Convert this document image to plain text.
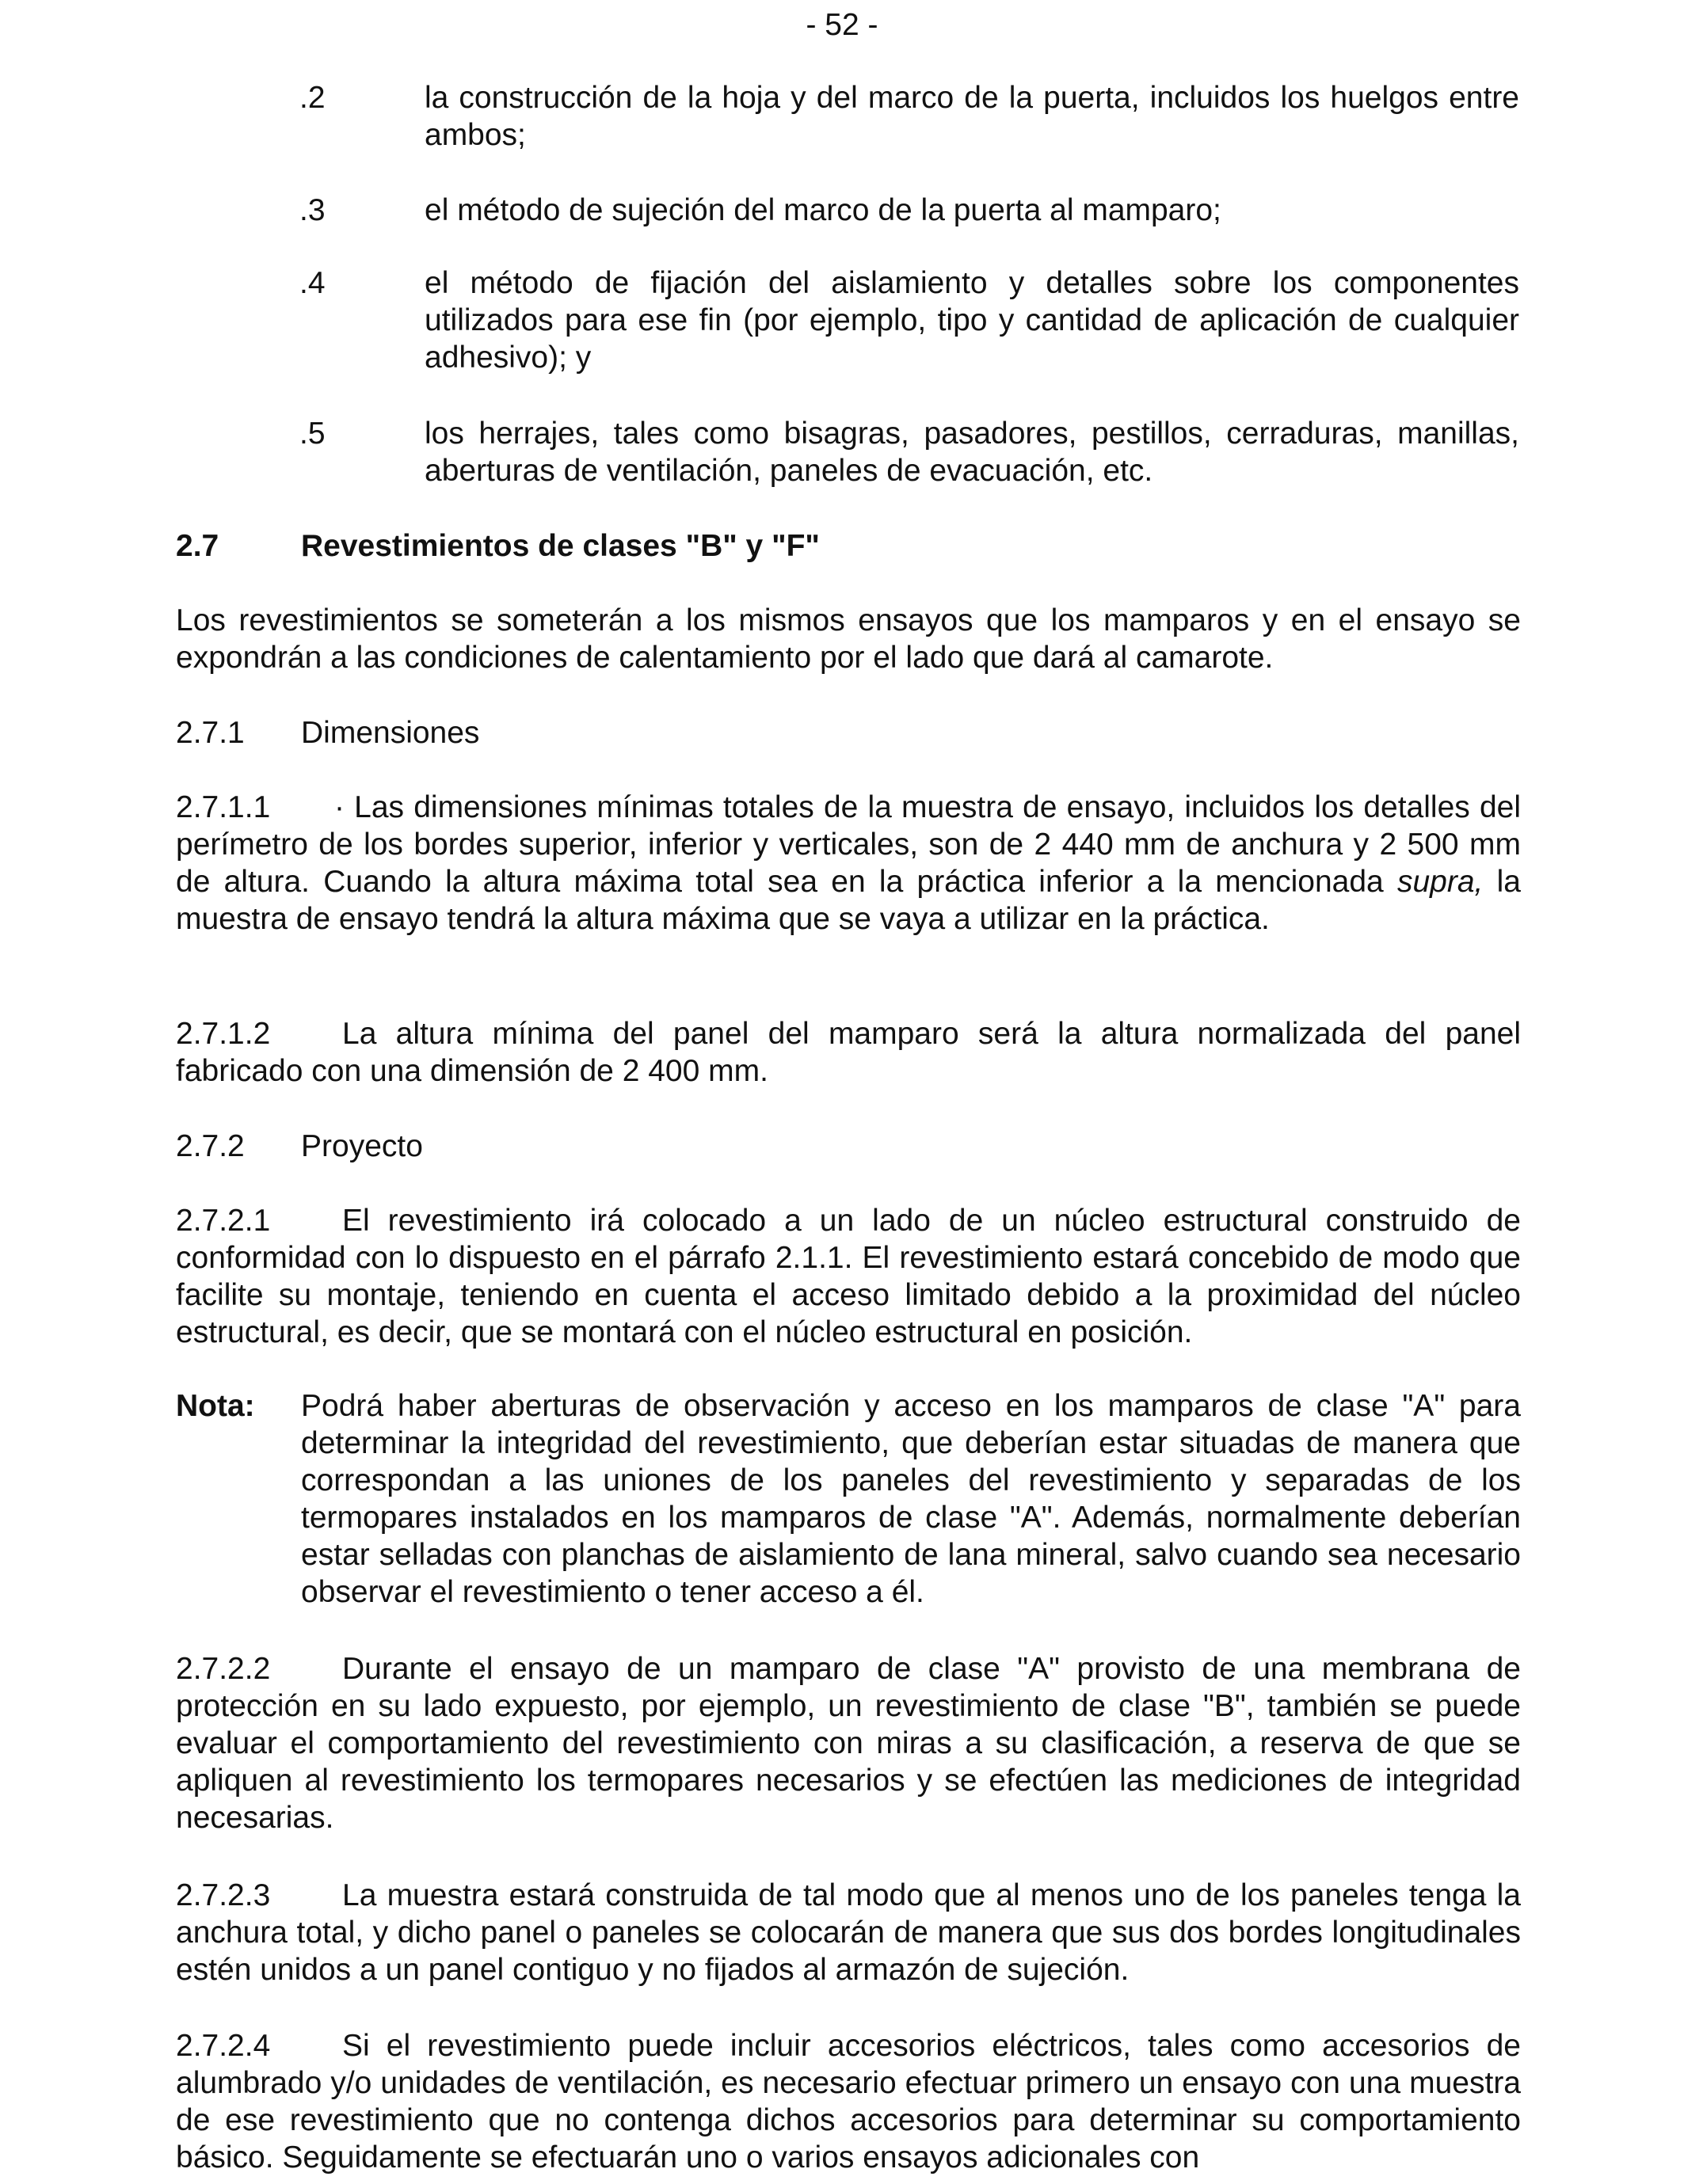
- 52 -
.2	la construcción de la hoja y del marco de la puerta, incluidos los huelgos entre ambos;
.3	el método de sujeción del marco de la puerta al mamparo;
.4	el método de fijación del aislamiento y detalles sobre los componentes utilizados para ese fin (por ejemplo, tipo y cantidad de aplicación de cualquier adhesivo); y
.5	los herrajes, tales como bisagras, pasadores, pestillos, cerraduras, manillas, aberturas de ventilación, paneles de evacuación, etc.
2.7	Revestimientos de clases "B" y "F"
Los revestimientos se someterán a los mismos ensayos que los mamparos y en el ensayo se expondrán a las condiciones de calentamiento por el lado que dará al camarote.
2.7.1 Dimensiones
2.7.1.1 · Las dimensiones mínimas totales de la muestra de ensayo, incluidos los detalles del perímetro de los bordes superior, inferior y verticales, son de 2 440 mm de anchura y 2 500 mm de altura. Cuando la altura máxima total sea en la práctica inferior a la mencionada supra, la muestra de ensayo tendrá la altura máxima que se vaya a utilizar en la práctica.
2.7.1.2 La altura mínima del panel del mamparo será la altura normalizada del panel fabricado con una dimensión de 2 400 mm.
2.7.2 Proyecto
2.7.2.1 El revestimiento irá colocado a un lado de un núcleo estructural construido de conformidad con lo dispuesto en el párrafo 2.1.1. El revestimiento estará concebido de modo que facilite su montaje, teniendo en cuenta el acceso limitado debido a la proximidad del núcleo estructural, es decir, que se montará con el núcleo estructural en posición.
Nota: Podrá haber aberturas de observación y acceso en los mamparos de clase "A" para determinar la integridad del revestimiento, que deberían estar situadas de manera que correspondan a las uniones de los paneles del revestimiento y separadas de los termopares instalados en los mamparos de clase "A". Además, normalmente deberían estar selladas con planchas de aislamiento de lana mineral, salvo cuando sea necesario observar el revestimiento o tener acceso a él.
2.7.2.2 Durante el ensayo de un mamparo de clase "A" provisto de una membrana de protección en su lado expuesto, por ejemplo, un revestimiento de clase "B", también se puede evaluar el comportamiento del revestimiento con miras a su clasificación, a reserva de que se apliquen al revestimiento los termopares necesarios y se efectúen las mediciones de integridad necesarias.
2.7.2.3 La muestra estará construida de tal modo que al menos uno de los paneles tenga la anchura total, y dicho panel o paneles se colocarán de manera que sus dos bordes longitudinales estén unidos a un panel contiguo y no fijados al armazón de sujeción.
2.7.2.4 Si el revestimiento puede incluir accesorios eléctricos, tales como accesorios de alumbrado y/o unidades de ventilación, es necesario efectuar primero un ensayo con una muestra de ese revestimiento que no contenga dichos accesorios para determinar su comportamiento básico. Seguidamente se efectuarán uno o varios ensayos adicionales con
